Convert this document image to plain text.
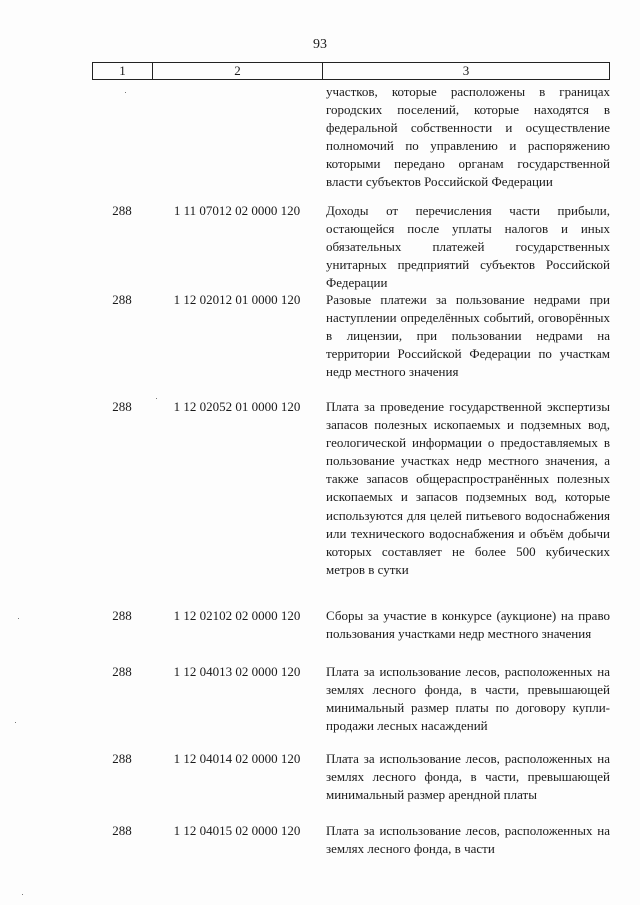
93
1	2	3
участков, которые расположены в границах городских поселений, которые находятся в федеральной собственности и осуществление полномочий по управлению и распоряжению которыми передано органам государственной власти субъектов Российской Федерации
288	1 11 07012 02 0000 120	Доходы от перечисления части прибыли, остающейся после уплаты налогов и иных обязательных платежей государственных унитарных предприятий субъектов Российской Федерации
288	1 12 02012 01 0000 120	Разовые платежи за пользование недрами при наступлении определённых событий, оговорённых в лицензии, при пользовании недрами на территории Российской Федерации по участкам недр местного значения
288	1 12 02052 01 0000 120	Плата за проведение государственной экспертизы запасов полезных ископаемых и подземных вод, геологической информации о предоставляемых в пользование участках недр местного значения, а также запасов общераспространённых полезных ископаемых и запасов подземных вод, которые используются для целей питьевого водоснабжения или технического водоснабжения и объём добычи которых составляет не более 500 кубических метров в сутки
288	1 12 02102 02 0000 120	Сборы за участие в конкурсе (аукционе) на право пользования участками недр местного значения
288	1 12 04013 02 0000 120	Плата за использование лесов, расположенных на землях лесного фонда, в части, превышающей минимальный размер платы по договору купли-продажи лесных насаждений
288	1 12 04014 02 0000 120	Плата за использование лесов, расположенных на землях лесного фонда, в части, превышающей минимальный размер арендной платы
288	1 12 04015 02 0000 120	Плата за использование лесов, расположенных на землях лесного фонда, в части
